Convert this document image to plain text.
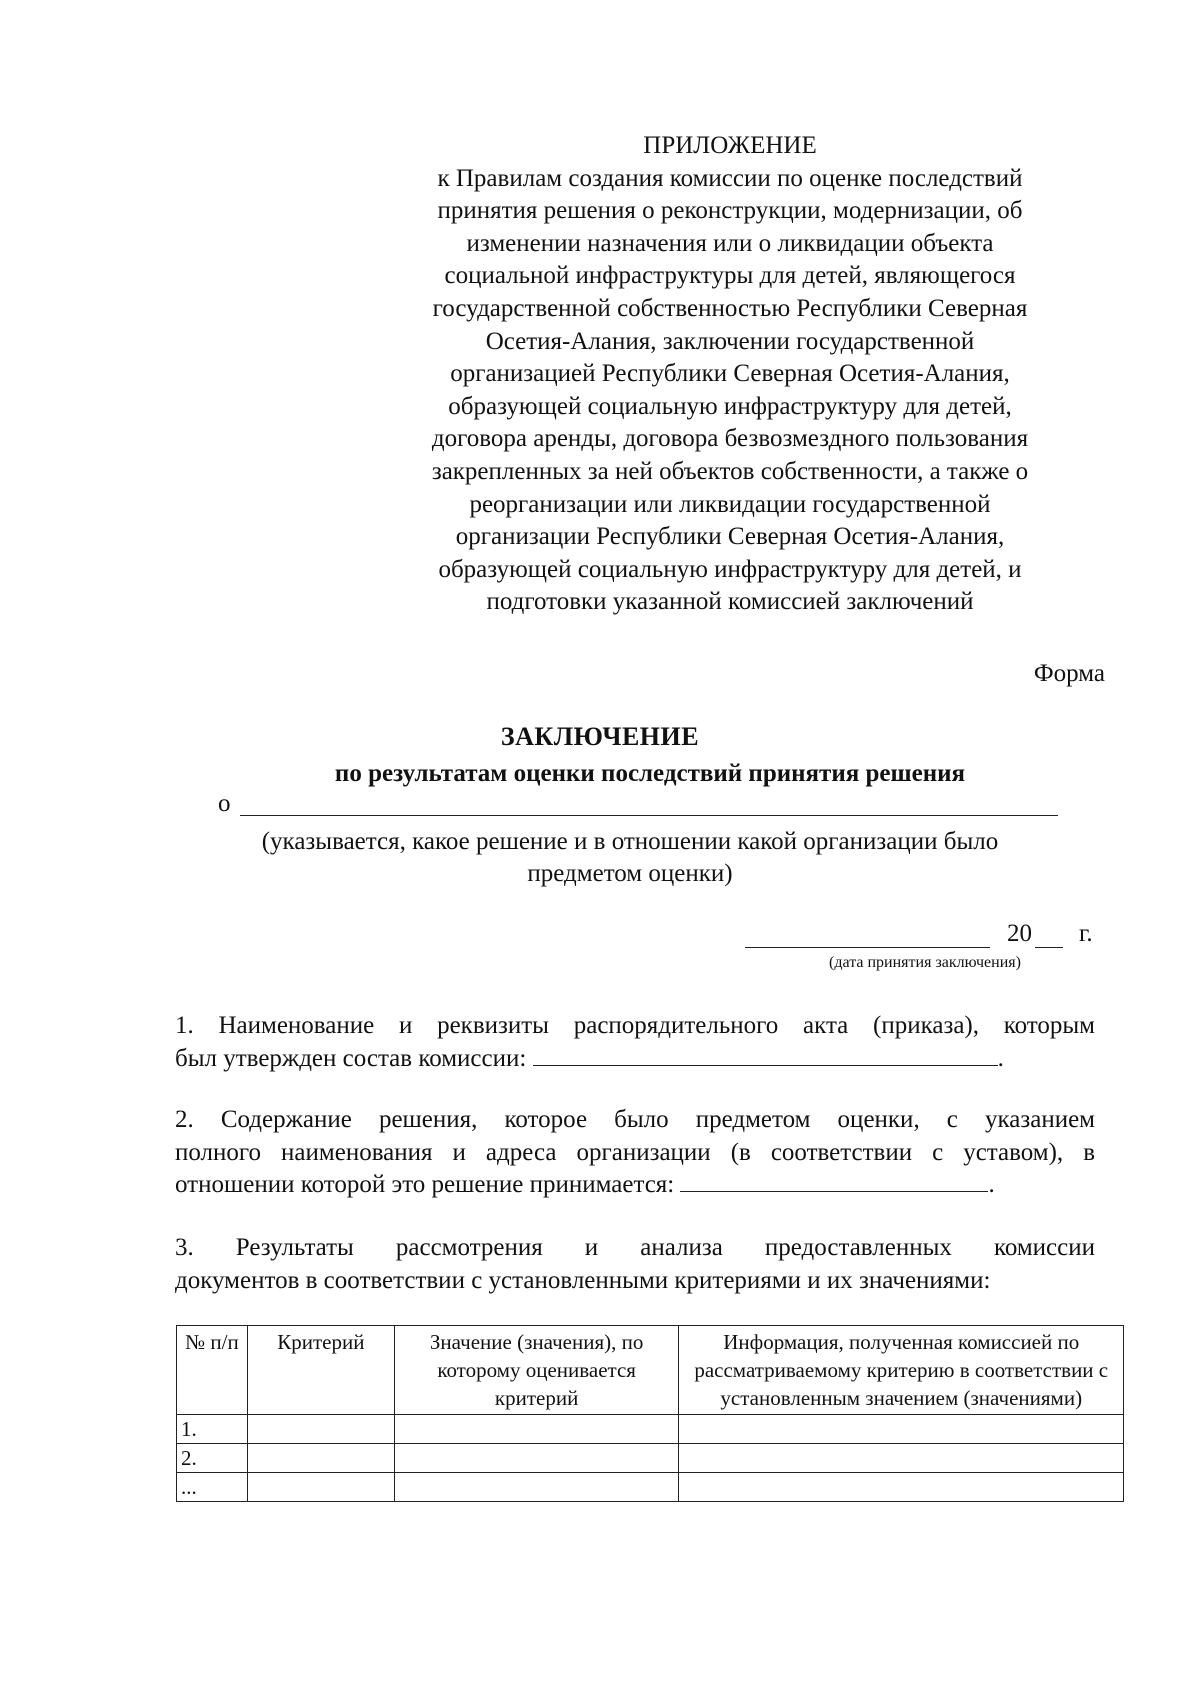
ПРИЛОЖЕНИЕ
к Правилам создания комиссии по оценке последствий
принятия решения о реконструкции, модернизации, об
изменении назначения или о ликвидации объекта
социальной инфраструктуры для детей, являющегося
государственной собственностью Республики Северная
Осетия-Алания, заключении государственной
организацией Республики Северная Осетия-Алания,
образующей социальную инфраструктуру для детей,
договора аренды, договора безвозмездного пользования
закрепленных за ней объектов собственности, а также о
реорганизации или ликвидации государственной
организации Республики Северная Осетия-Алания,
образующей социальную инфраструктуру для детей, и
подготовки указанной комиссией заключений
Форма
ЗАКЛЮЧЕНИЕ
по результатам оценки последствий принятия решения
о
(указывается, какое решение и в отношении какой организации было
предметом оценки)
20 г.
(дата принятия заключения)
1. Наименование и реквизиты распорядительного акта (приказа), которым
был утвержден состав комиссии:	.
2. Содержание решения, которое было предметом оценки, с указанием
полного наименования и адреса организации (в соответствии с уставом), в
отношении которой это решение принимается:	.
3. Результаты рассмотрения и анализа предоставленных комиссии
документов в соответствии с установленными критериями и их значениями:
№ п/п	Критерий	Значение (значения), по которому оценивается критерий	Информация, полученная комиссией по рассматриваемому критерию в соответствии с установленным значением (значениями)
1.			
2.			
...			
